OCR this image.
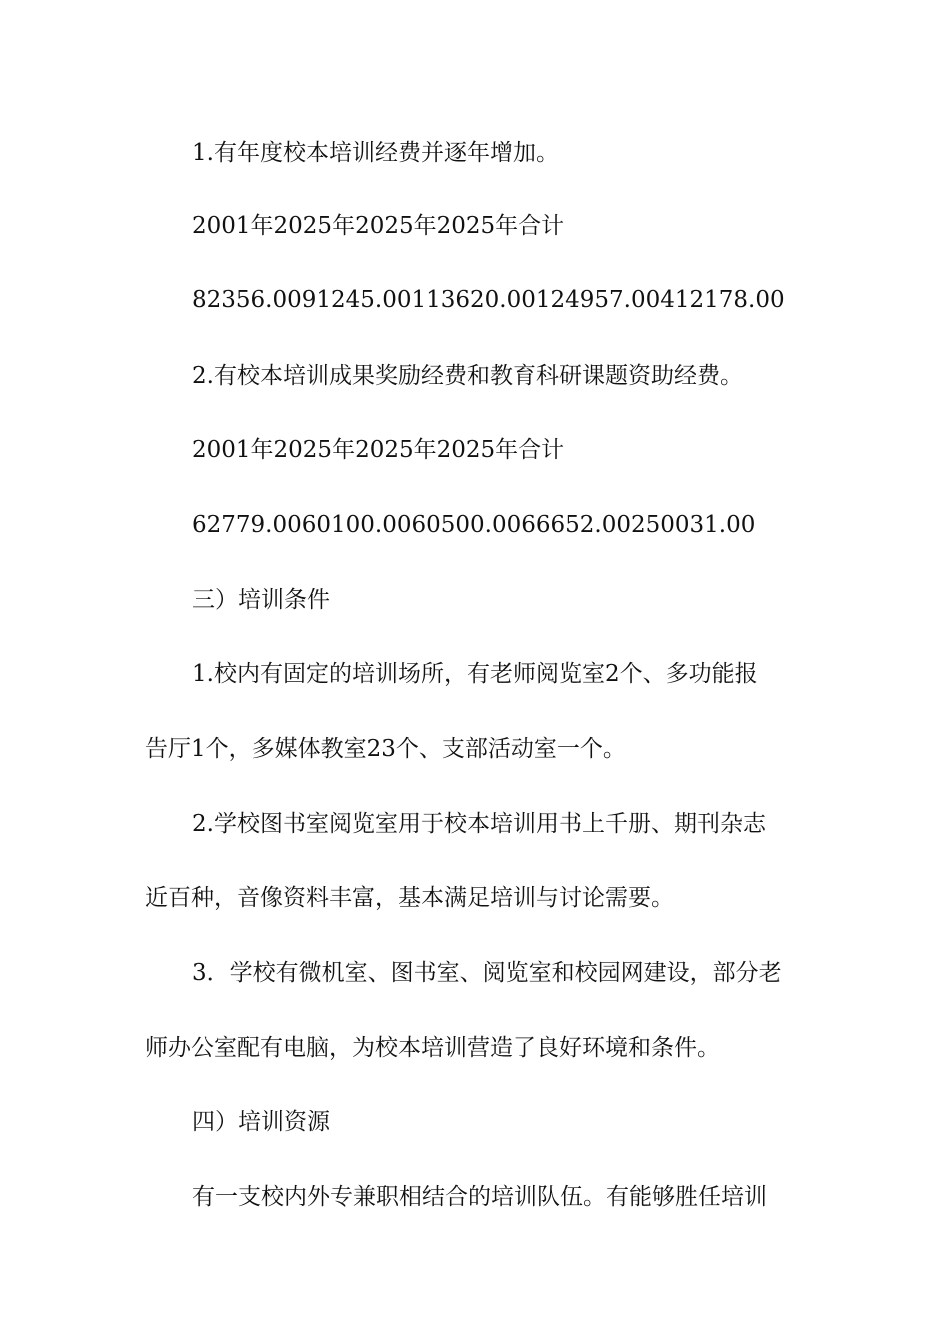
1.有年度校本培训经费并逐年增加。
2001年2025年2025年2025年合计
82356.0091245.00113620.00124957.00412178.00
2.有校本培训成果奖励经费和教育科研课题资助经费。
2001年2025年2025年2025年合计
62779.0060100.0060500.0066652.00250031.00
三）培训条件
1.校内有固定的培训场所，有老师阅览室2个、多功能报
告厅1个，多媒体教室23个、支部活动室一个。
2.学校图书室阅览室用于校本培训用书上千册、期刊杂志
近百种，音像资料丰富，基本满足培训与讨论需要。
3．学校有微机室、图书室、阅览室和校园网建设，部分老
师办公室配有电脑，为校本培训营造了良好环境和条件。
四）培训资源
有一支校内外专兼职相结合的培训队伍。有能够胜任培训
